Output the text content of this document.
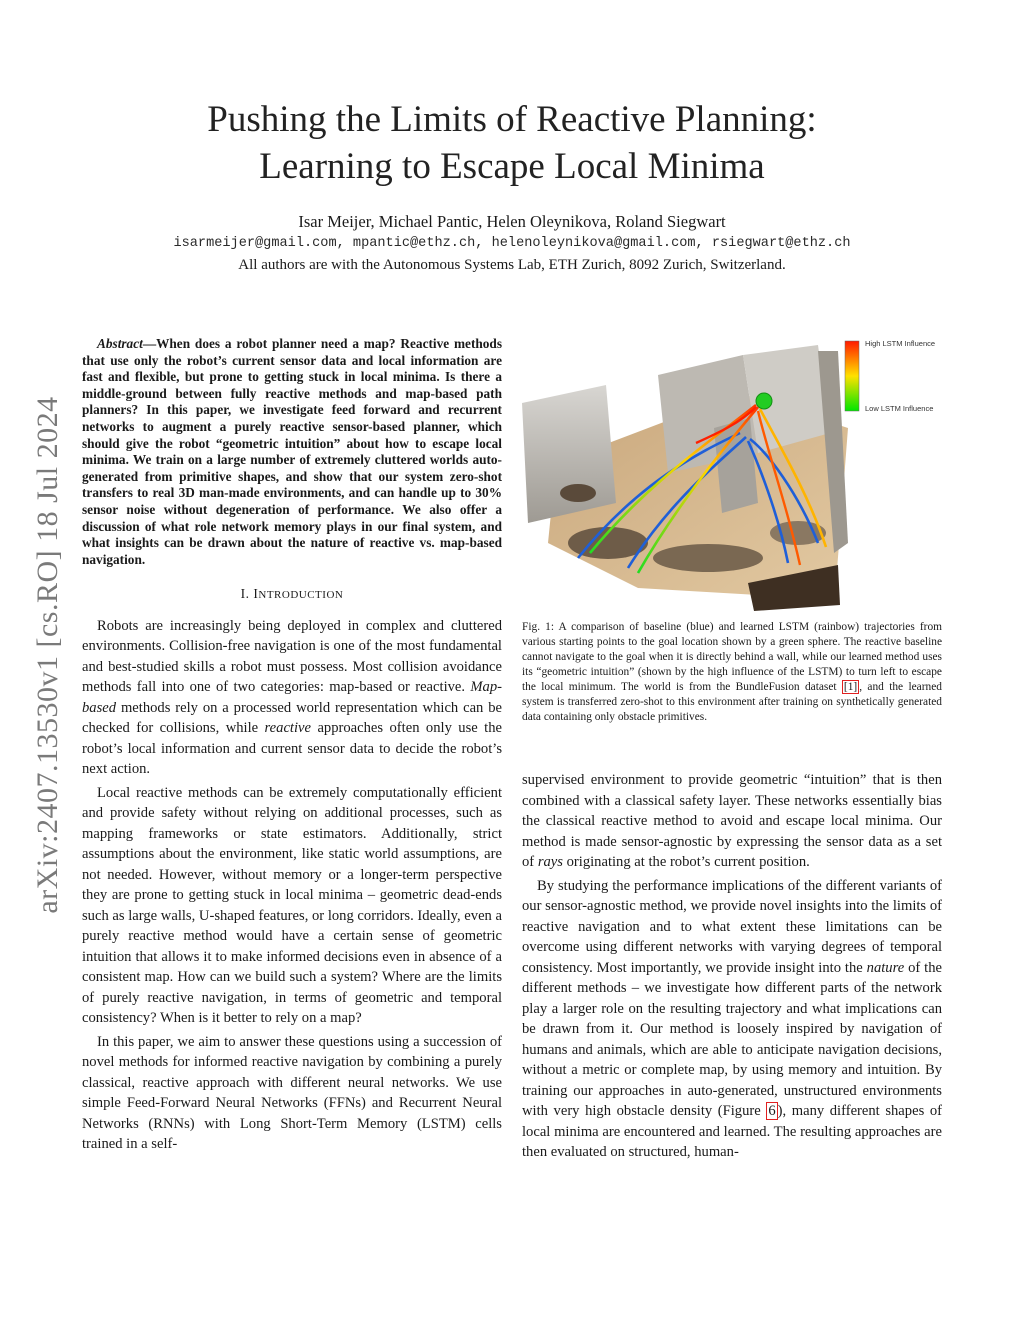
Pushing the Limits of Reactive Planning:
Learning to Escape Local Minima
Isar Meijer, Michael Pantic, Helen Oleynikova, Roland Siegwart
isarmeijer@gmail.com, mpantic@ethz.ch, helenoleynikova@gmail.com, rsiegwart@ethz.ch
All authors are with the Autonomous Systems Lab, ETH Zurich, 8092 Zurich, Switzerland.
arXiv:2407.13530v1 [cs.RO] 18 Jul 2024

Abstract—When does a robot planner need a map? Reactive methods that use only the robot’s current sensor data and local information are fast and flexible, but prone to getting stuck in local minima. Is there a middle-ground between fully reactive methods and map-based path planners? In this paper, we investigate feed forward and recurrent networks to augment a purely reactive sensor-based planner, which should give the robot “geometric intuition” about how to escape local minima. We train on a large number of extremely cluttered worlds auto-generated from primitive shapes, and show that our system zero-shot transfers to real 3D man-made environments, and can handle up to 30% sensor noise without degeneration of performance. We also offer a discussion of what role network memory plays in our final system, and what insights can be drawn about the nature of reactive vs. map-based navigation.

I. INTRODUCTION

Robots are increasingly being deployed in complex and cluttered environments. Collision-free navigation is one of the most fundamental and best-studied skills a robot must possess. Most collision avoidance methods fall into one of two categories: map-based or reactive. Map-based methods rely on a processed world representation which can be checked for collisions, while reactive approaches often only use the robot’s local information and current sensor data to decide the robot’s next action.

Local reactive methods can be extremely computationally efficient and provide safety without relying on additional processes, such as mapping frameworks or state estimators. Additionally, strict assumptions about the environment, like static world assumptions, are not needed. However, without memory or a longer-term perspective they are prone to getting stuck in local minima – geometric dead-ends such as large walls, U-shaped features, or long corridors. Ideally, even a purely reactive method would have a certain sense of geometric intuition that allows it to make informed decisions even in absence of a consistent map. How can we build such a system? Where are the limits of purely reactive navigation, in terms of geometric and temporal consistency? When is it better to rely on a map?

In this paper, we aim to answer these questions using a succession of novel methods for informed reactive navigation by combining a purely classical, reactive approach with different neural networks. We use simple Feed-Forward Neural Networks (FFNs) and Recurrent Neural Networks (RNNs) with Long Short-Term Memory (LSTM) cells trained in a self-

High LSTM Influence
Low LSTM Influence
Fig. 1: A comparison of baseline (blue) and learned LSTM (rainbow) trajectories from various starting points to the goal location shown by a green sphere. The reactive baseline cannot navigate to the goal when it is directly behind a wall, while our learned method uses its “geometric intuition” (shown by the high influence of the LSTM) to turn left to escape the local minimum. The world is from the BundleFusion dataset [1] , and the learned system is transferred zero-shot to this environment after training on synthetically generated data containing only obstacle primitives.

supervised environment to provide geometric “intuition” that is then combined with a classical safety layer. These networks essentially bias the classical reactive method to avoid and escape local minima. Our method is made sensor-agnostic by expressing the sensor data as a set of rays originating at the robot’s current position.

By studying the performance implications of the different variants of our sensor-agnostic method, we provide novel insights into the limits of reactive navigation and to what extent these limitations can be overcome using different networks with varying degrees of temporal consistency. Most importantly, we provide insight into the nature of the different methods – we investigate how different parts of the network play a larger role on the resulting trajectory and what implications can be drawn from it. Our method is loosely inspired by navigation of humans and animals, which are able to anticipate navigation decisions, without a metric or complete map, by using memory and intuition. By training our approaches in auto-generated, unstructured environments with very high obstacle density (Figure 6 ), many different shapes of local minima are encountered and learned. The resulting approaches are then evaluated on structured, human-
